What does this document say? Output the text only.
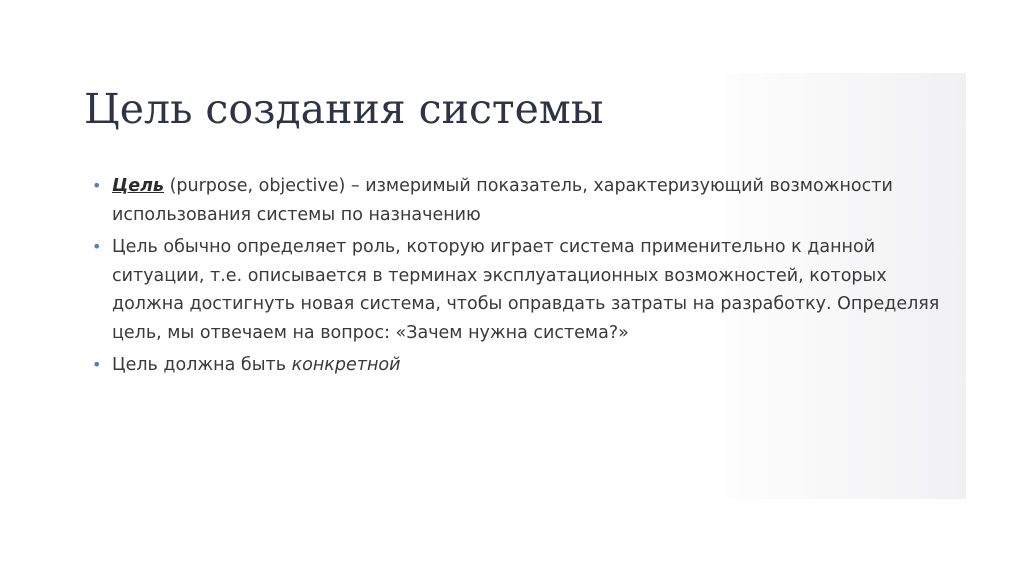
Цель создания системы
• Цель (purpose, objective) – измеримый показатель, характеризующий возможности использования системы по назначению
• Цель обычно определяет роль, которую играет система применительно к данной ситуации, т.е. описывается в терминах эксплуатационных возможностей, которых должна достигнуть новая система, чтобы оправдать затраты на разработку. Определяя цель, мы отвечаем на вопрос: «Зачем нужна система?»
• Цель должна быть конкретной
